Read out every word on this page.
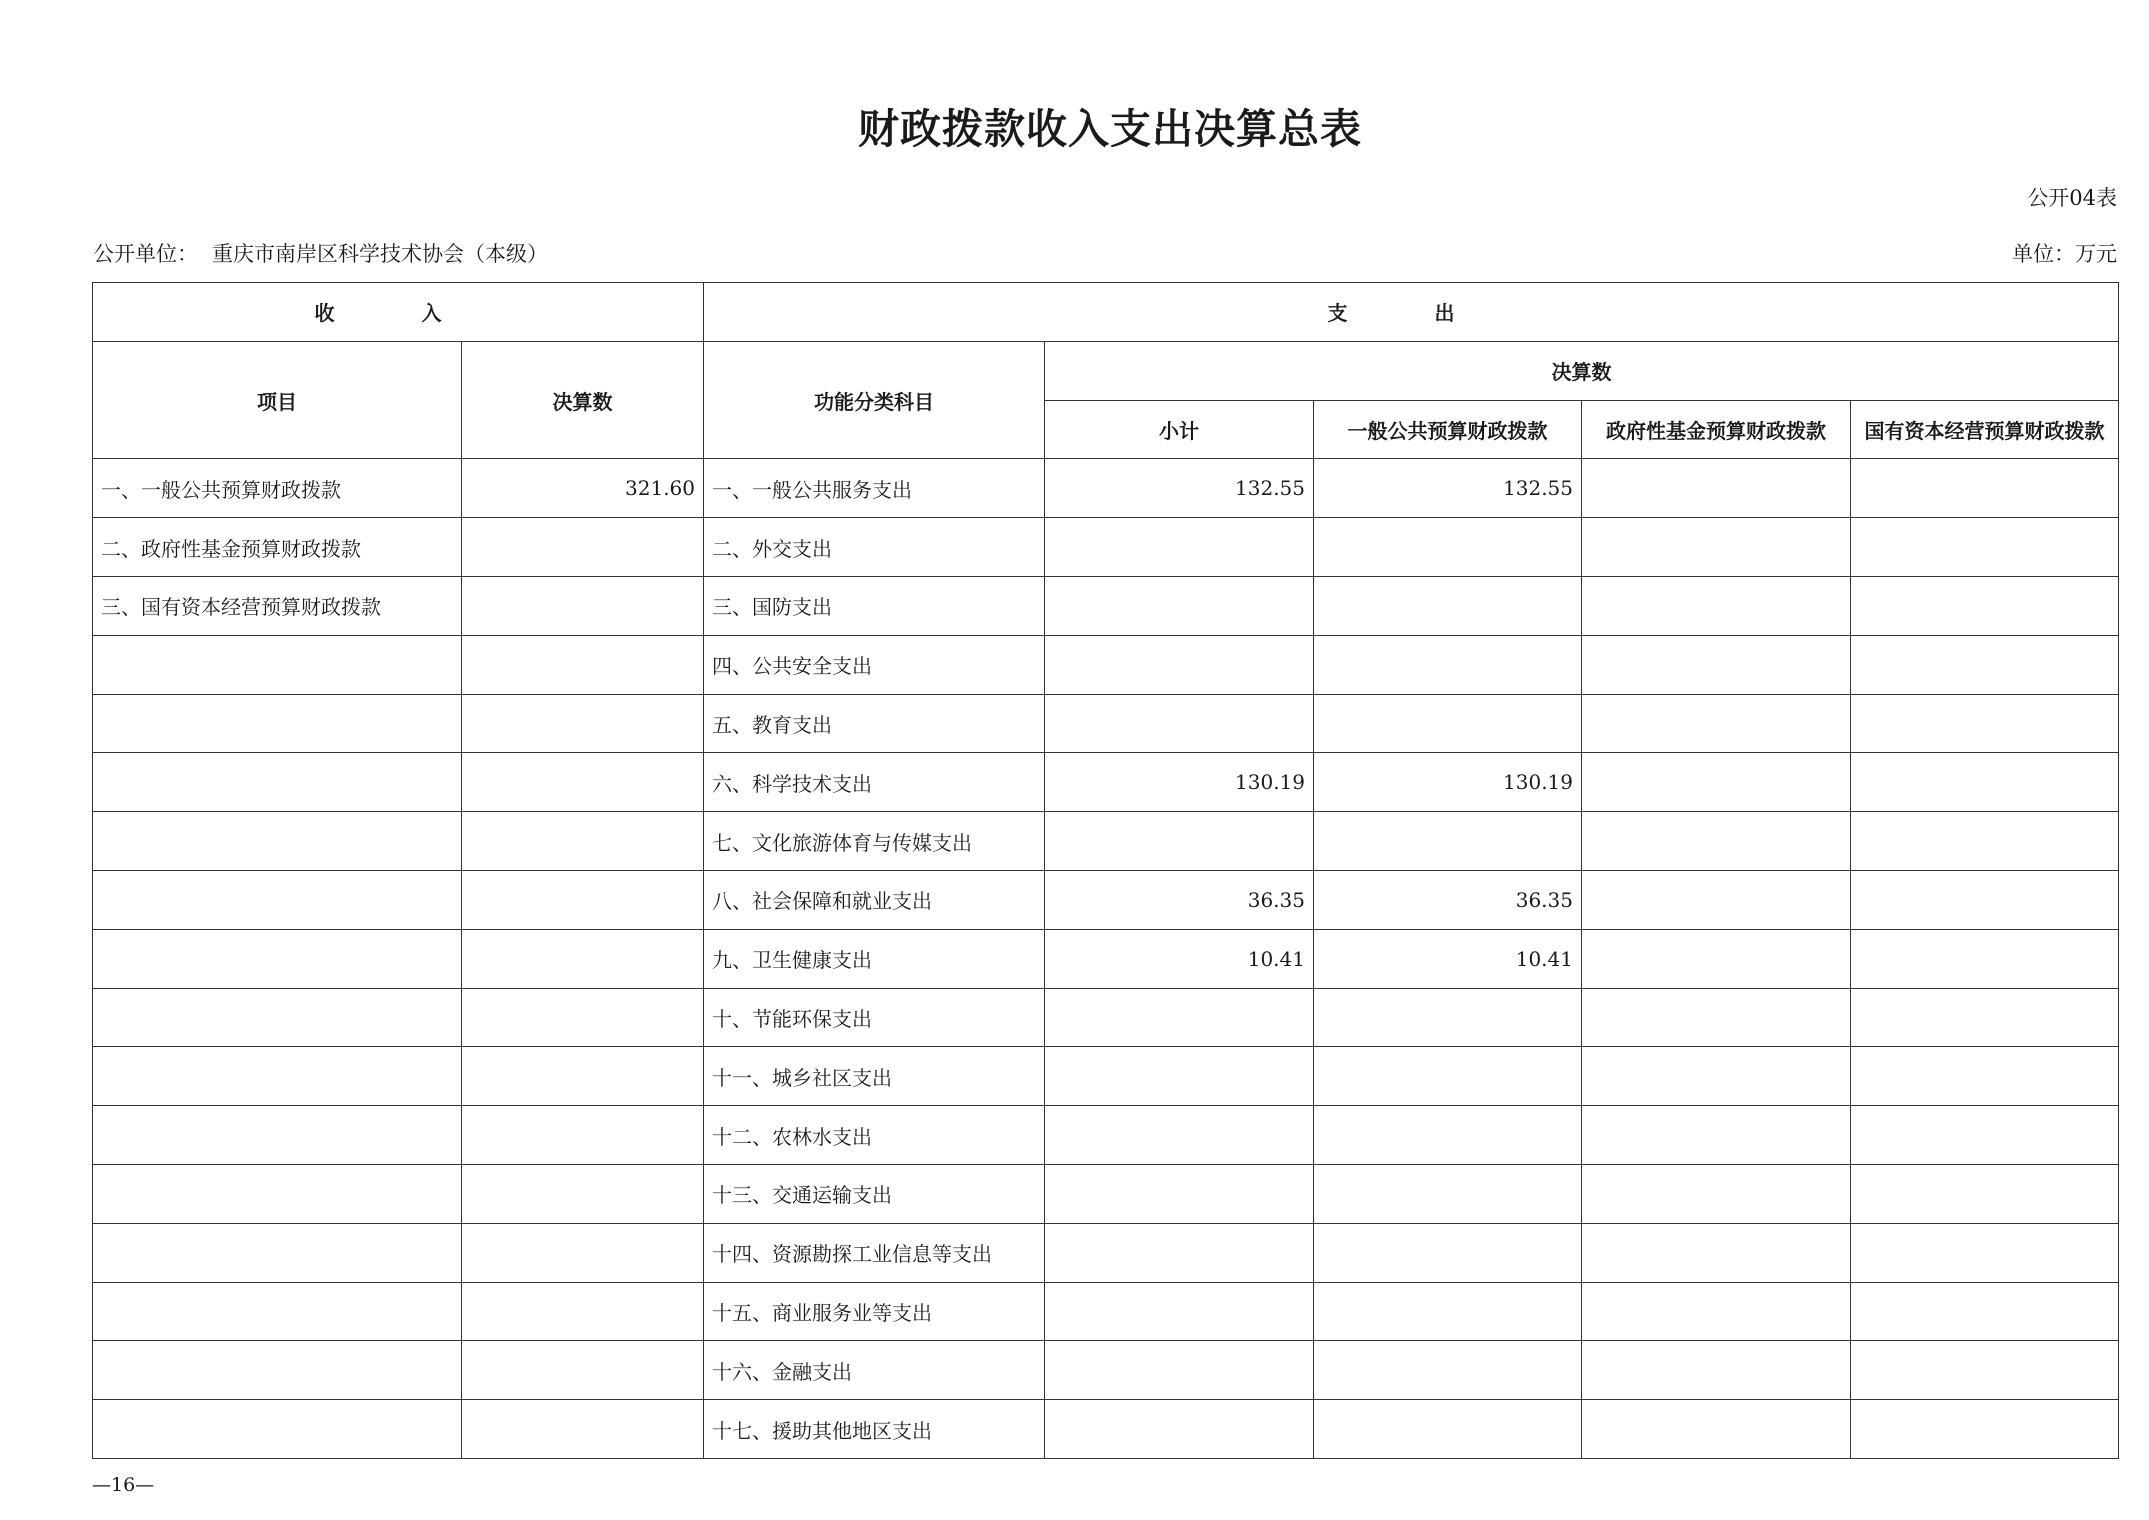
财政拨款收入支出决算总表
公开04表
公开单位： 重庆市南岸区科学技术协会（本级）	单位：万元
收 入		支 出				
项目	决算数	功能分类科目	决算数			
			小计	一般公共预算财政拨款	政府性基金预算财政拨款	国有资本经营预算财政拨款
一、一般公共预算财政拨款	321.60	一、一般公共服务支出	132.55	132.55		
二、政府性基金预算财政拨款		二、外交支出				
三、国有资本经营预算财政拨款		三、国防支出				
		四、公共安全支出				
		五、教育支出				
		六、科学技术支出	130.19	130.19		
		七、文化旅游体育与传媒支出				
		八、社会保障和就业支出	36.35	36.35		
		九、卫生健康支出	10.41	10.41		
		十、节能环保支出				
		十一、城乡社区支出				
		十二、农林水支出				
		十三、交通运输支出				
		十四、资源勘探工业信息等支出				
		十五、商业服务业等支出				
		十六、金融支出				
		十七、援助其他地区支出				
—16—
